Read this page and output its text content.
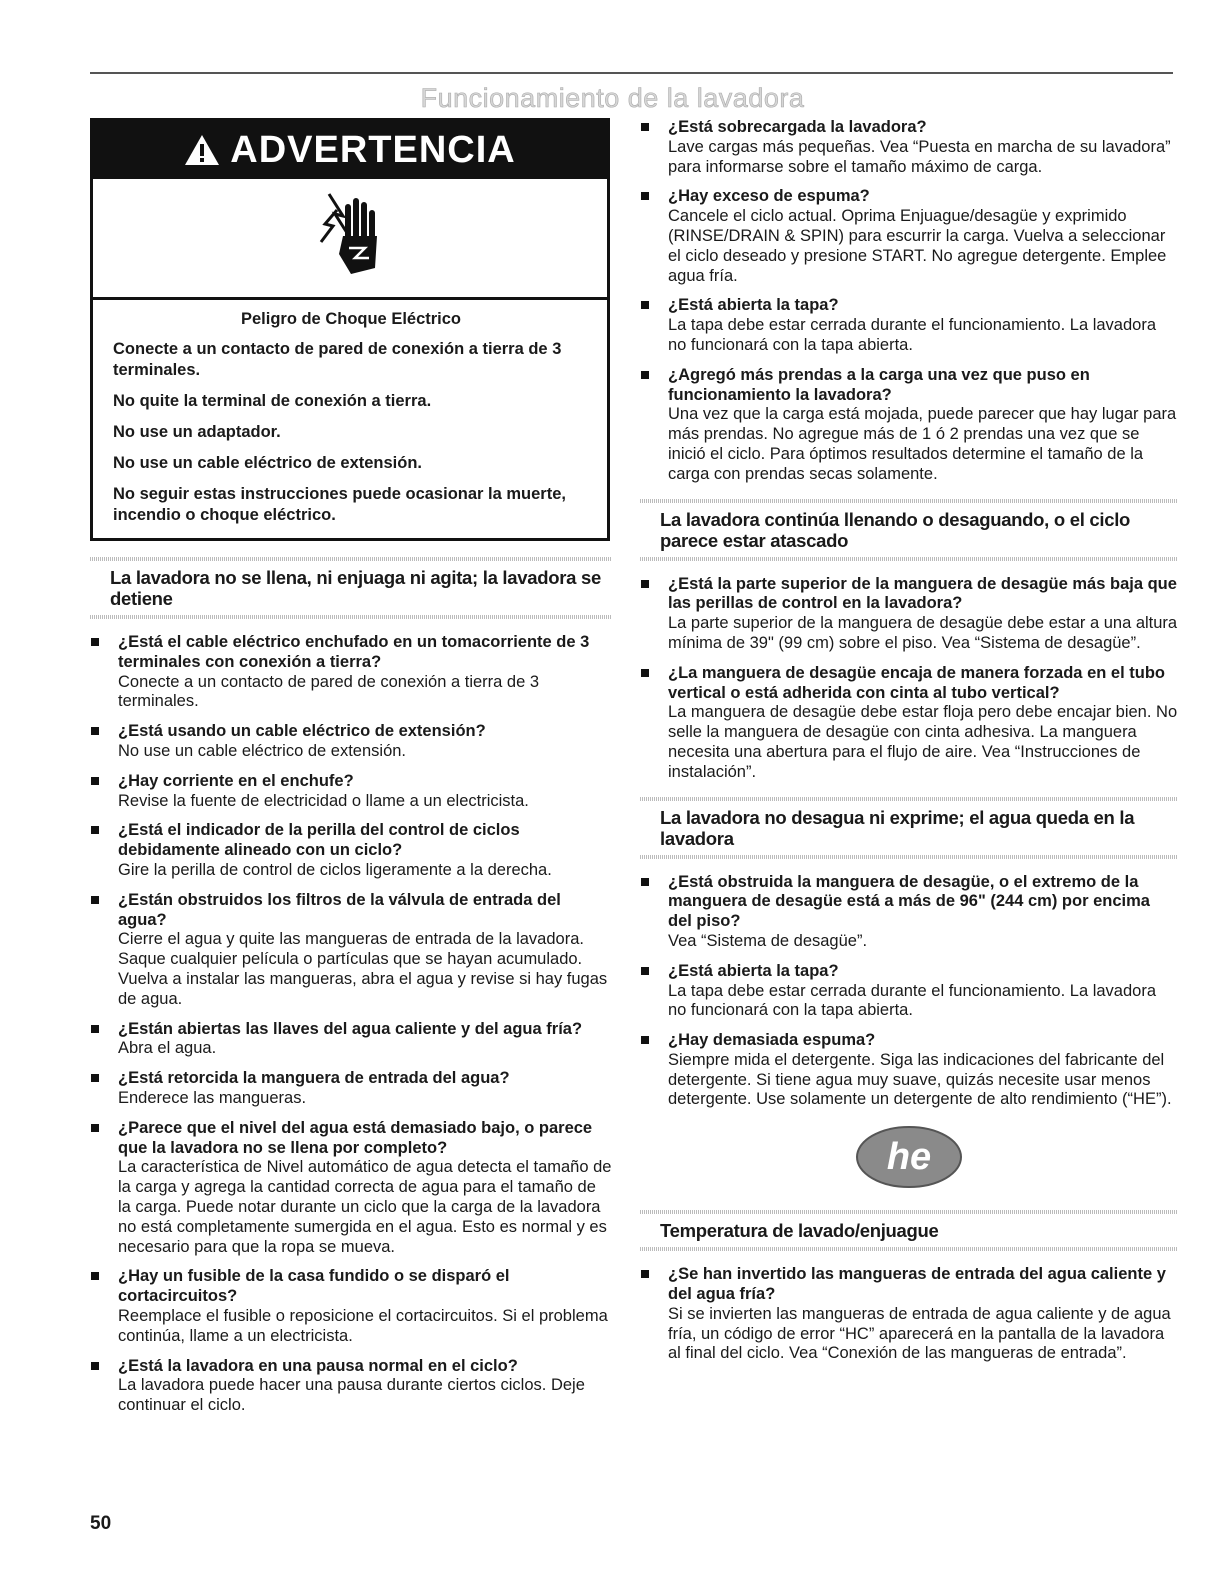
Funcionamiento de la lavadora
ADVERTENCIA
Peligro de Choque Eléctrico

Conecte a un contacto de pared de conexión a tierra de 3 terminales.

No quite la terminal de conexión a tierra.

No use un adaptador.

No use un cable eléctrico de extensión.

No seguir estas instrucciones puede ocasionar la muerte, incendio o choque eléctrico.

La lavadora no se llena, ni enjuaga ni agita; la lavadora se detiene
¿Está el cable eléctrico enchufado en un tomacorriente de 3 terminales con conexión a tierra?
Conecte a un contacto de pared de conexión a tierra de 3 terminales.
¿Está usando un cable eléctrico de extensión?
No use un cable eléctrico de extensión.
¿Hay corriente en el enchufe?
Revise la fuente de electricidad o llame a un electricista.
¿Está el indicador de la perilla del control de ciclos debidamente alineado con un ciclo?
Gire la perilla de control de ciclos ligeramente a la derecha.
¿Están obstruidos los filtros de la válvula de entrada del agua?
Cierre el agua y quite las mangueras de entrada de la lavadora. Saque cualquier película o partículas que se hayan acumulado. Vuelva a instalar las mangueras, abra el agua y revise si hay fugas de agua.
¿Están abiertas las llaves del agua caliente y del agua fría?
Abra el agua.
¿Está retorcida la manguera de entrada del agua?
Enderece las mangueras.
¿Parece que el nivel del agua está demasiado bajo, o parece que la lavadora no se llena por completo?
La característica de Nivel automático de agua detecta el tamaño de la carga y agrega la cantidad correcta de agua para el tamaño de la carga. Puede notar durante un ciclo que la carga de la lavadora no está completamente sumergida en el agua. Esto es normal y es necesario para que la ropa se mueva.
¿Hay un fusible de la casa fundido o se disparó el cortacircuitos?
Reemplace el fusible o reposicione el cortacircuitos. Si el problema continúa, llame a un electricista.
¿Está la lavadora en una pausa normal en el ciclo?
La lavadora puede hacer una pausa durante ciertos ciclos. Deje continuar el ciclo.
¿Está sobrecargada la lavadora?
Lave cargas más pequeñas. Vea “Puesta en marcha de su lavadora” para informarse sobre el tamaño máximo de carga.
¿Hay exceso de espuma?
Cancele el ciclo actual. Oprima Enjuague/desagüe y exprimido (RINSE/DRAIN & SPIN) para escurrir la carga. Vuelva a seleccionar el ciclo deseado y presione START. No agregue detergente. Emplee agua fría.
¿Está abierta la tapa?
La tapa debe estar cerrada durante el funcionamiento. La lavadora no funcionará con la tapa abierta.
¿Agregó más prendas a la carga una vez que puso en funcionamiento la lavadora?
Una vez que la carga está mojada, puede parecer que hay lugar para más prendas. No agregue más de 1 ó 2 prendas una vez que se inició el ciclo. Para óptimos resultados determine el tamaño de la carga con prendas secas solamente.
La lavadora continúa llenando o desaguando, o el ciclo parece estar atascado
¿Está la parte superior de la manguera de desagüe más baja que las perillas de control en la lavadora?
La parte superior de la manguera de desagüe debe estar a una altura mínima de 39" (99 cm) sobre el piso. Vea “Sistema de desagüe”.
¿La manguera de desagüe encaja de manera forzada en el tubo vertical o está adherida con cinta al tubo vertical?
La manguera de desagüe debe estar floja pero debe encajar bien. No selle la manguera de desagüe con cinta adhesiva. La manguera necesita una abertura para el flujo de aire. Vea “Instrucciones de instalación”.
La lavadora no desagua ni exprime; el agua queda en la lavadora
¿Está obstruida la manguera de desagüe, o el extremo de la manguera de desagüe está a más de 96" (244 cm) por encima del piso?
Vea “Sistema de desagüe”.
¿Está abierta la tapa?
La tapa debe estar cerrada durante el funcionamiento. La lavadora no funcionará con la tapa abierta.
¿Hay demasiada espuma?
Siempre mida el detergente. Siga las indicaciones del fabricante del detergente. Si tiene agua muy suave, quizás necesite usar menos detergente. Use solamente un detergente de alto rendimiento (“HE”).
he
Temperatura de lavado/enjuague
¿Se han invertido las mangueras de entrada del agua caliente y del agua fría?
Si se invierten las mangueras de entrada de agua caliente y de agua fría, un código de error “HC” aparecerá en la pantalla de la lavadora al final del ciclo. Vea “Conexión de las mangueras de entrada”.
50
